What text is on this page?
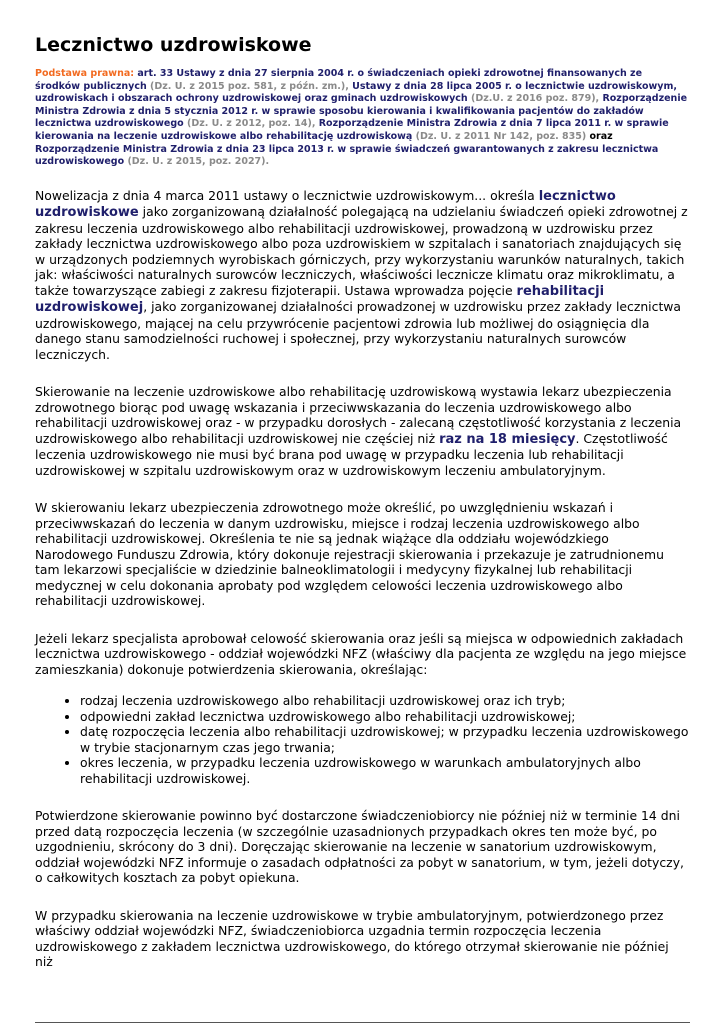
Lecznictwo uzdrowiskowe
Podstawa prawna: art. 33 Ustawy z dnia 27 sierpnia 2004 r. o świadczeniach opieki zdrowotnej finansowanych ze środków publicznych (Dz. U. z 2015 poz. 581, z późn. zm.), Ustawy z dnia 28 lipca 2005 r. o lecznictwie uzdrowiskowym, uzdrowiskach i obszarach ochrony uzdrowiskowej oraz gminach uzdrowiskowych (Dz.U. z 2016 poz. 879), Rozporządzenie Ministra Zdrowia z dnia 5 stycznia 2012 r. w sprawie sposobu kierowania i kwalifikowania pacjentów do zakładów lecznictwa uzdrowiskowego (Dz. U. z 2012, poz. 14), Rozporządzenie Ministra Zdrowia z dnia 7 lipca 2011 r. w sprawie kierowania na leczenie uzdrowiskowe albo rehabilitację uzdrowiskową (Dz. U. z 2011 Nr 142, poz. 835) oraz Rozporządzenie Ministra Zdrowia z dnia 23 lipca 2013 r. w sprawie świadczeń gwarantowanych z zakresu lecznictwa uzdrowiskowego (Dz. U. z 2015, poz. 2027).

Nowelizacja z dnia 4 marca 2011 ustawy o lecznictwie uzdrowiskowym... określa lecznictwo uzdrowiskowe jako zorganizowaną działalność polegającą na udzielaniu świadczeń opieki zdrowotnej z zakresu leczenia uzdrowiskowego albo rehabilitacji uzdrowiskowej, prowadzoną w uzdrowisku przez zakłady lecznictwa uzdrowiskowego albo poza uzdrowiskiem w szpitalach i sanatoriach znajdujących się w urządzonych podziemnych wyrobiskach górniczych, przy wykorzystaniu warunków naturalnych, takich jak: właściwości naturalnych surowców leczniczych, właściwości lecznicze klimatu oraz mikroklimatu, a także towarzyszące zabiegi z zakresu fizjoterapii. Ustawa wprowadza pojęcie rehabilitacji uzdrowiskowej, jako zorganizowanej działalności prowadzonej w uzdrowisku przez zakłady lecznictwa uzdrowiskowego, mającej na celu przywrócenie pacjentowi zdrowia lub możliwej do osiągnięcia dla danego stanu samodzielności ruchowej i społecznej, przy wykorzystaniu naturalnych surowców leczniczych.

Skierowanie na leczenie uzdrowiskowe albo rehabilitację uzdrowiskową wystawia lekarz ubezpieczenia zdrowotnego biorąc pod uwagę wskazania i przeciwwskazania do leczenia uzdrowiskowego albo rehabilitacji uzdrowiskowej oraz - w przypadku dorosłych - zalecaną częstotliwość korzystania z leczenia uzdrowiskowego albo rehabilitacji uzdrowiskowej nie częściej niż raz na 18 miesięcy. Częstotliwość leczenia uzdrowiskowego nie musi być brana pod uwagę w przypadku leczenia lub rehabilitacji uzdrowiskowej w szpitalu uzdrowiskowym oraz w uzdrowiskowym leczeniu ambulatoryjnym.

W skierowaniu lekarz ubezpieczenia zdrowotnego może określić, po uwzględnieniu wskazań i przeciwwskazań do leczenia w danym uzdrowisku, miejsce i rodzaj leczenia uzdrowiskowego albo rehabilitacji uzdrowiskowej. Określenia te nie są jednak wiążące dla oddziału wojewódzkiego Narodowego Funduszu Zdrowia, który dokonuje rejestracji skierowania i przekazuje je zatrudnionemu tam lekarzowi specjaliście w dziedzinie balneoklimatologii i medycyny fizykalnej lub rehabilitacji medycznej w celu dokonania aprobaty pod względem celowości leczenia uzdrowiskowego albo rehabilitacji uzdrowiskowej.

Jeżeli lekarz specjalista aprobował celowość skierowania oraz jeśli są miejsca w odpowiednich zakładach lecznictwa uzdrowiskowego - oddział wojewódzki NFZ (właściwy dla pacjenta ze względu na jego miejsce zamieszkania) dokonuje potwierdzenia skierowania, określając:

• rodzaj leczenia uzdrowiskowego albo rehabilitacji uzdrowiskowej oraz ich tryb;
• odpowiedni zakład lecznictwa uzdrowiskowego albo rehabilitacji uzdrowiskowej;
• datę rozpoczęcia leczenia albo rehabilitacji uzdrowiskowej; w przypadku leczenia uzdrowiskowego w trybie stacjonarnym czas jego trwania;
• okres leczenia, w przypadku leczenia uzdrowiskowego w warunkach ambulatoryjnych albo rehabilitacji uzdrowiskowej.

Potwierdzone skierowanie powinno być dostarczone świadczeniobiorcy nie później niż w terminie 14 dni przed datą rozpoczęcia leczenia (w szczególnie uzasadnionych przypadkach okres ten może być, po uzgodnieniu, skrócony do 3 dni). Doręczając skierowanie na leczenie w sanatorium uzdrowiskowym, oddział wojewódzki NFZ informuje o zasadach odpłatności za pobyt w sanatorium, w tym, jeżeli dotyczy, o całkowitych kosztach za pobyt opiekuna.

W przypadku skierowania na leczenie uzdrowiskowe w trybie ambulatoryjnym, potwierdzonego przez właściwy oddział wojewódzki NFZ, świadczeniobiorca uzgadnia termin rozpoczęcia leczenia uzdrowiskowego z zakładem lecznictwa uzdrowiskowego, do którego otrzymał skierowanie nie później niż
